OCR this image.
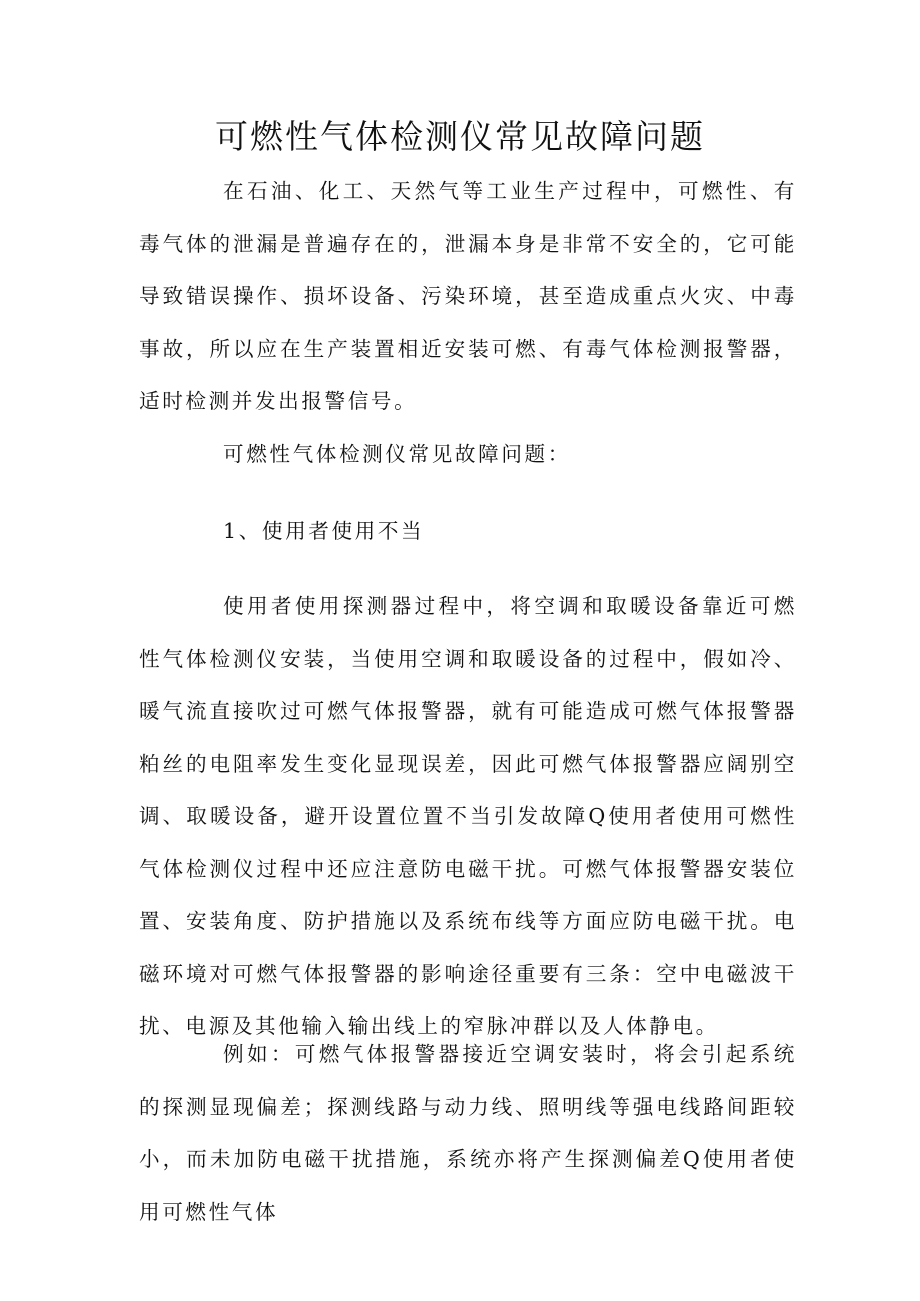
可燃性气体检测仪常见故障问题

在石油、化工、天然气等工业生产过程中，可燃性、有毒气体的泄漏是普遍存在的，泄漏本身是非常不安全的，它可能导致错误操作、损坏设备、污染环境，甚至造成重点火灾、中毒事故，所以应在生产装置相近安装可燃、有毒气体检测报警器，适时检测并发出报警信号。

可燃性气体检测仪常见故障问题：

1、使用者使用不当

使用者使用探测器过程中，将空调和取暖设备靠近可燃性气体检测仪安装，当使用空调和取暖设备的过程中，假如冷、暖气流直接吹过可燃气体报警器，就有可能造成可燃气体报警器粕丝的电阻率发生变化显现误差，因此可燃气体报警器应阔别空调、取暖设备，避开设置位置不当引发故障Q使用者使用可燃性气体检测仪过程中还应注意防电磁干扰。可燃气体报警器安装位置、安装角度、防护措施以及系统布线等方面应防电磁干扰。电磁环境对可燃气体报警器的影响途径重要有三条：空中电磁波干扰、电源及其他输入输出线上的窄脉冲群以及人体静电。

例如：可燃气体报警器接近空调安装时，将会引起系统的探测显现偏差；探测线路与动力线、照明线等强电线路间距较小，而未加防电磁干扰措施，系统亦将产生探测偏差Q使用者使用可燃性气体
